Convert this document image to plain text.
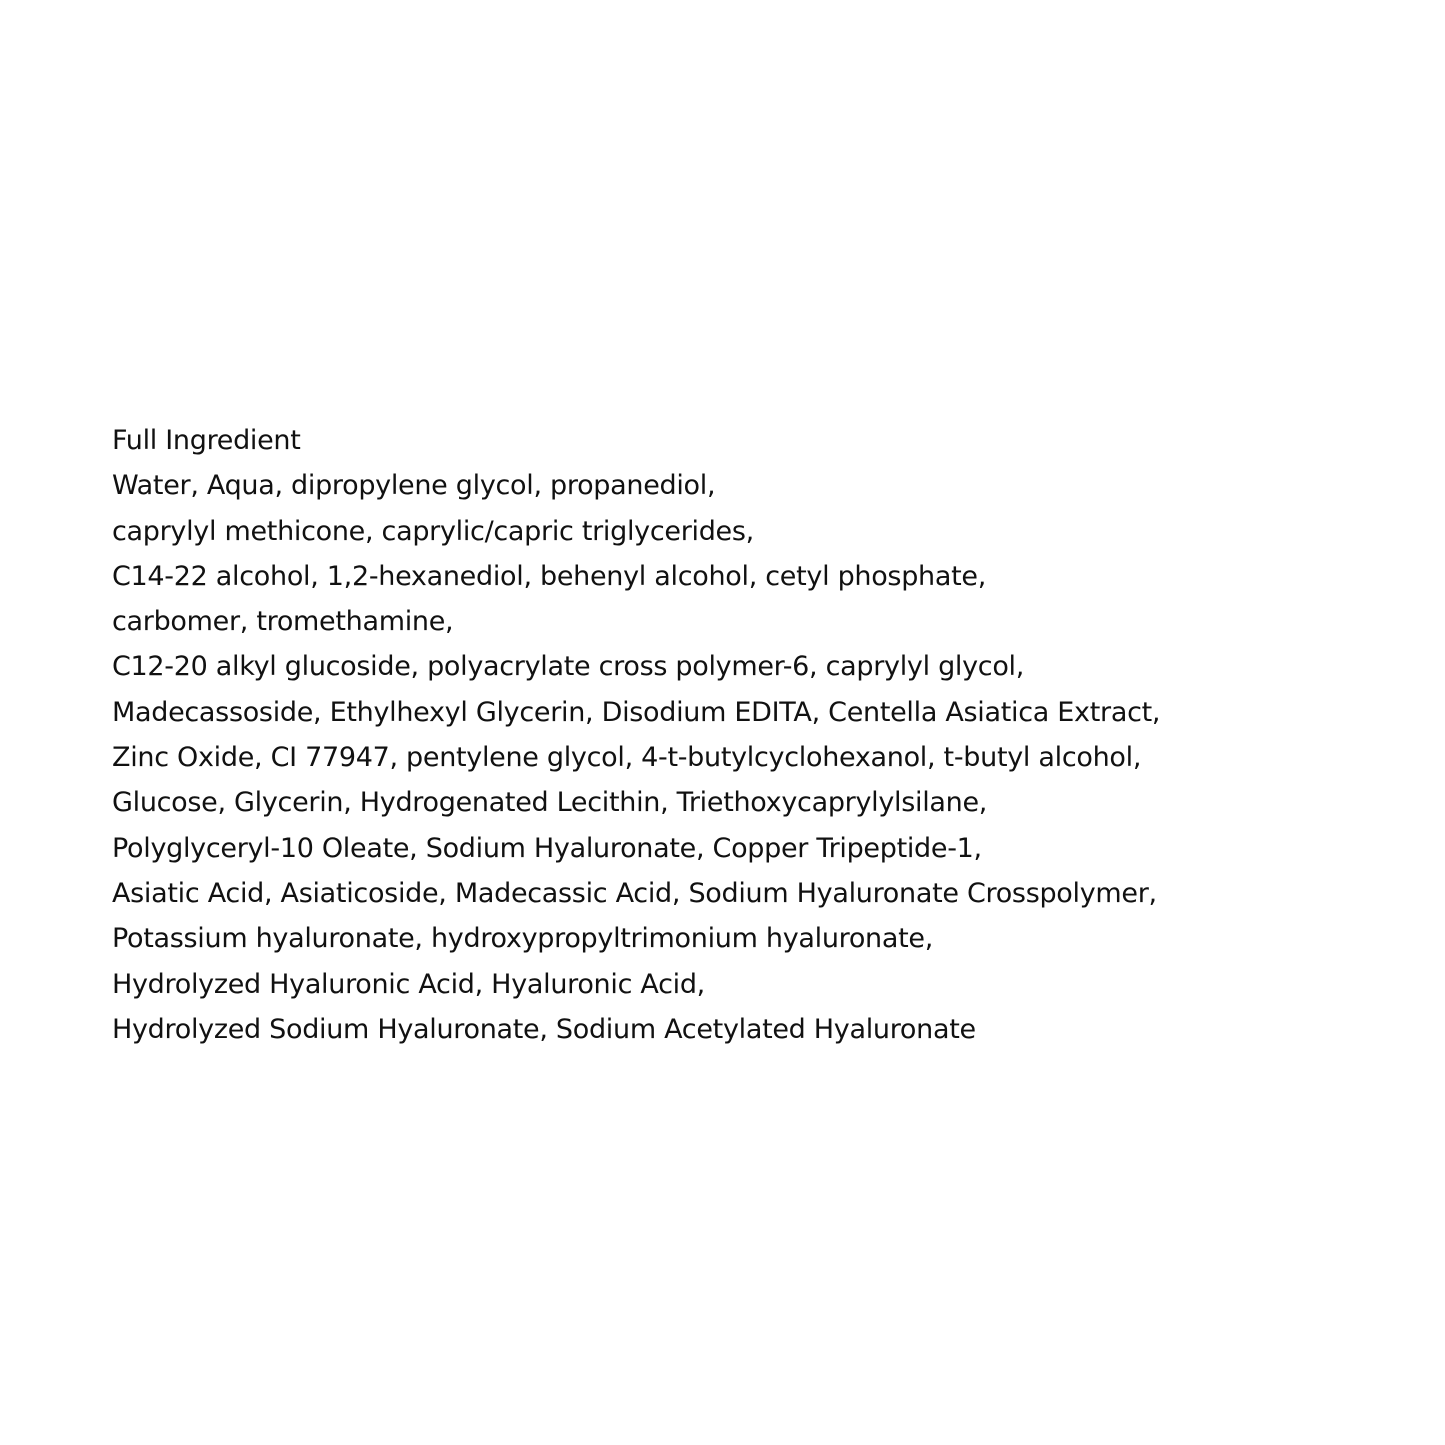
Full Ingredient
Water, Aqua, dipropylene glycol, propanediol,
caprylyl methicone, caprylic/capric triglycerides,
C14-22 alcohol, 1,2-hexanediol, behenyl alcohol, cetyl phosphate,
carbomer, tromethamine,
C12-20 alkyl glucoside, polyacrylate cross polymer-6, caprylyl glycol,
Madecassoside, Ethylhexyl Glycerin, Disodium EDITA, Centella Asiatica Extract,
Zinc Oxide, CI 77947, pentylene glycol, 4-t-butylcyclohexanol, t-butyl alcohol,
Glucose, Glycerin, Hydrogenated Lecithin, Triethoxycaprylylsilane,
Polyglyceryl-10 Oleate, Sodium Hyaluronate, Copper Tripeptide-1,
Asiatic Acid, Asiaticoside, Madecassic Acid, Sodium Hyaluronate Crosspolymer,
Potassium hyaluronate, hydroxypropyltrimonium hyaluronate,
Hydrolyzed Hyaluronic Acid, Hyaluronic Acid,
Hydrolyzed Sodium Hyaluronate, Sodium Acetylated Hyaluronate
